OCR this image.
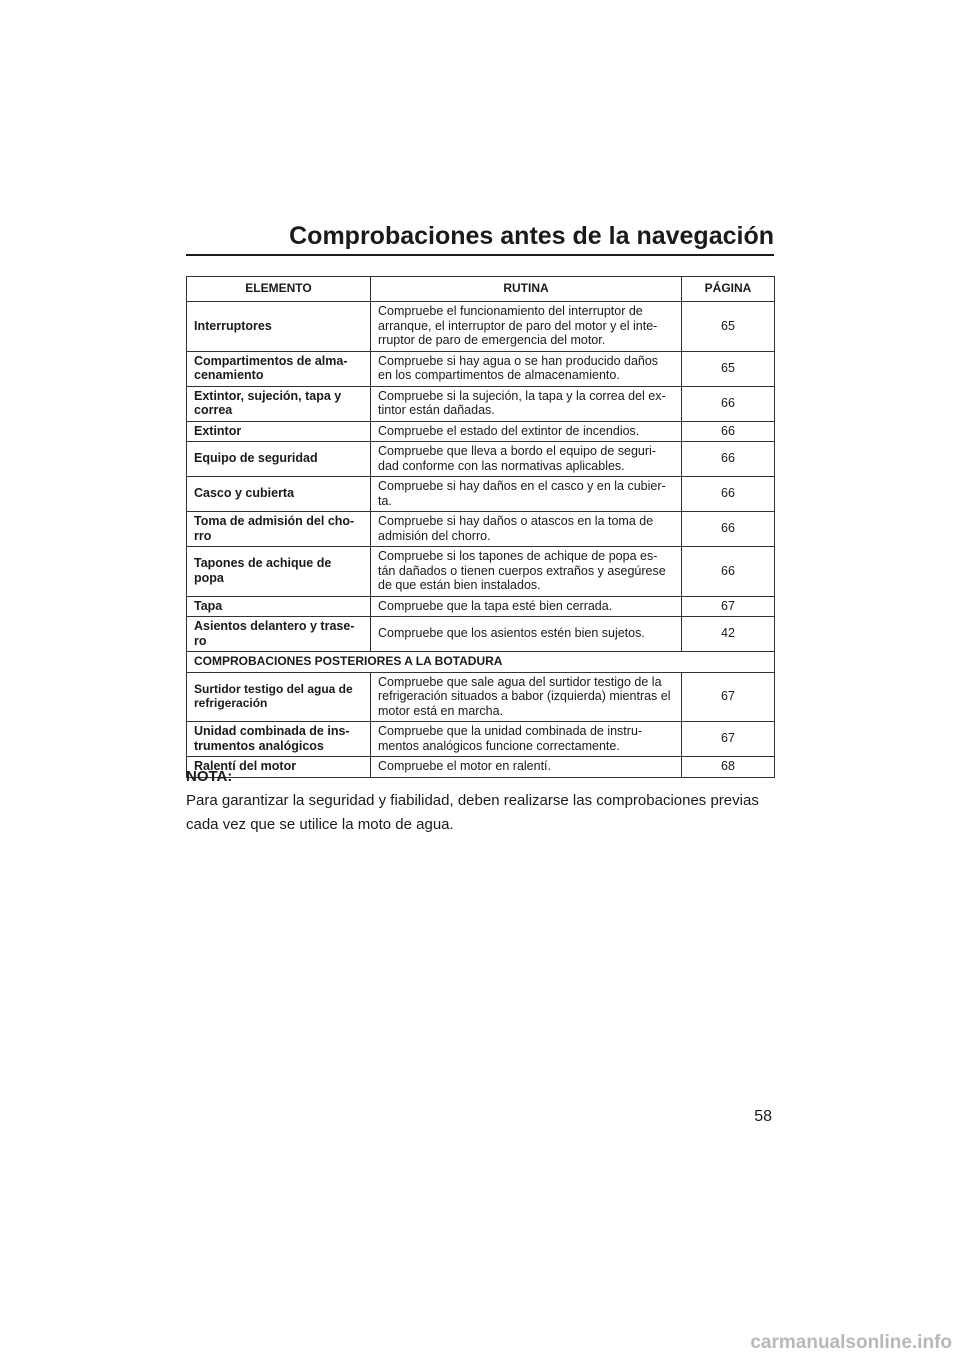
Comprobaciones antes de la navegación
ELEMENTO	RUTINA	PÁGINA
Interruptores	Compruebe el funcionamiento del interruptor de arranque, el interruptor de paro del motor y el inte-rruptor de paro de emergencia del motor.	65
Compartimentos de alma-cenamiento	Compruebe si hay agua o se han producido daños en los compartimentos de almacenamiento.	65
Extintor, sujeción, tapa y correa	Compruebe si la sujeción, la tapa y la correa del ex-tintor están dañadas.	66
Extintor	Compruebe el estado del extintor de incendios.	66
Equipo de seguridad	Compruebe que lleva a bordo el equipo de seguri-dad conforme con las normativas aplicables.	66
Casco y cubierta	Compruebe si hay daños en el casco y en la cubier-ta.	66
Toma de admisión del cho-rro	Compruebe si hay daños o atascos en la toma de admisión del chorro.	66
Tapones de achique de popa	Compruebe si los tapones de achique de popa es-tán dañados o tienen cuerpos extraños y asegúrese de que están bien instalados.	66
Tapa	Compruebe que la tapa esté bien cerrada.	67
Asientos delantero y trase-ro	Compruebe que los asientos estén bien sujetos.	42
COMPROBACIONES POSTERIORES A LA BOTADURA		
Surtidor testigo del agua de refrigeración	Compruebe que sale agua del surtidor testigo de la refrigeración situados a babor (izquierda) mientras el motor está en marcha.	67
Unidad combinada de ins-trumentos analógicos	Compruebe que la unidad combinada de instru-mentos analógicos funcione correctamente.	67
Ralentí del motor	Compruebe el motor en ralentí.	68

NOTA:

Para garantizar la seguridad y fiabilidad, deben realizarse las comprobaciones previas cada vez que se utilice la moto de agua.

58
carmanualsonline.info
